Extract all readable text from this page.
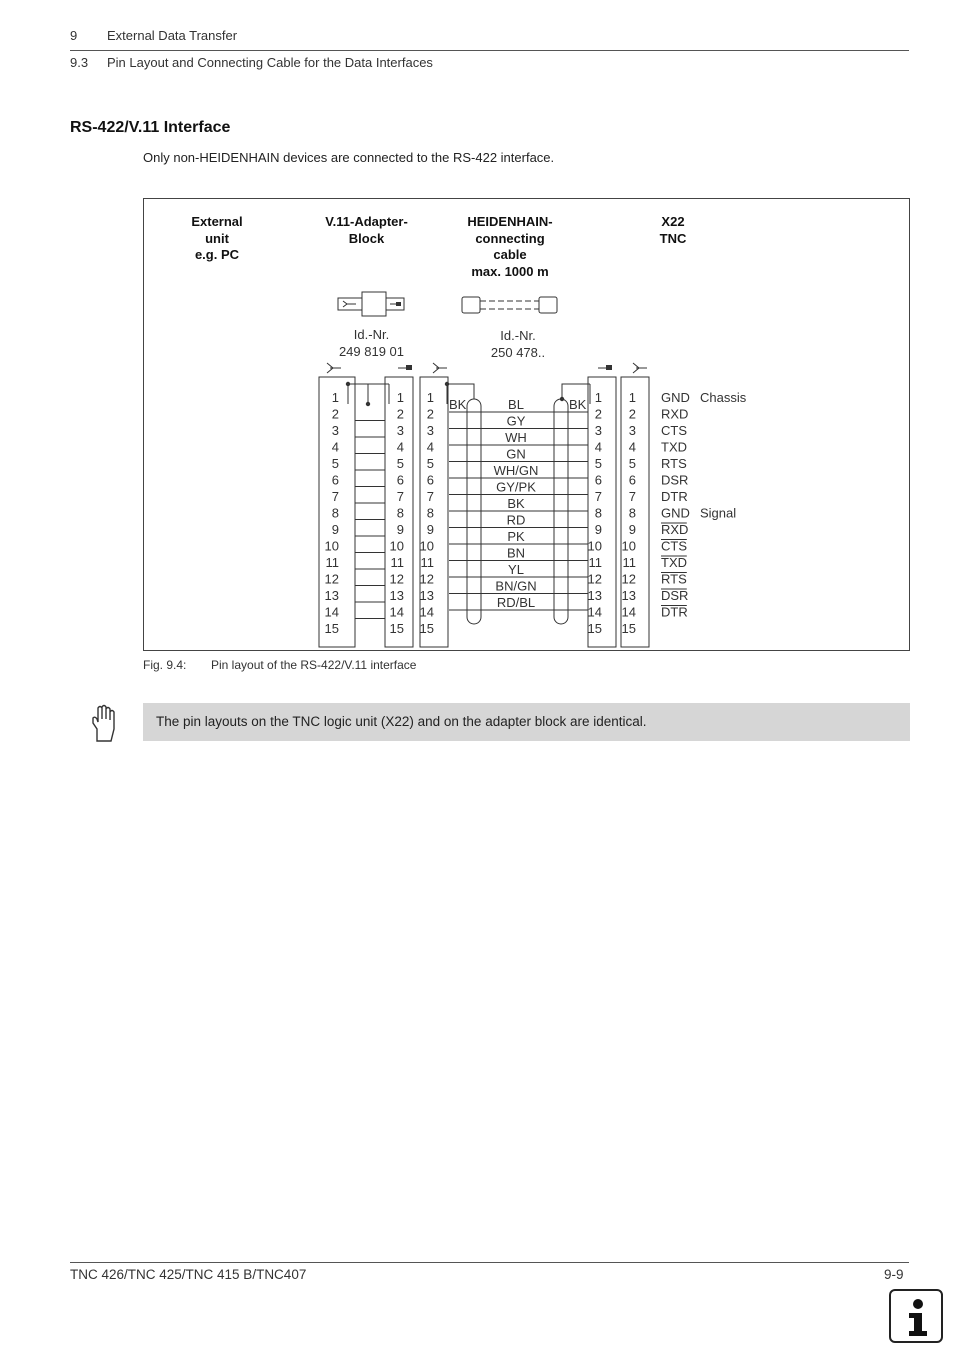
9 External Data Transfer
9.3 Pin Layout and Connecting Cable for the Data Interfaces
RS-422/V.11 Interface
Only non-HEIDENHAIN devices are connected to the RS-422 interface.
External
unit
e.g. PC
V.11-Adapter-
Block
HEIDENHAIN-
connecting
cable
max. 1000 m
X22
TNC
Id.-Nr.
249 819 01
Id.-Nr.
250 478..
1
2
3
4
5
6
7
8
9
10
11
12
13
14
15
1
2
3
4
5
6
7
8
9
10
11
12
13
14
15
1
2
3
4
5
6
7
8
9
10
11
12
13
14
15
1
2
3
4
5
6
7
8
9
10
11
12
13
14
15
1
2
3
4
5
6
7
8
9
10
11
12
13
14
15
BK	BK
BL
GY
WH
GN
WH/GN
GY/PK
BK
RD
PK
BN
YL
BN/GN
RD/BL
GND
RXD
CTS
TXD
RTS
DSR
DTR
GND
RXD
CTS
TXD
RTS
DSR
DTR
Chassis
Signal
Fig. 9.4: Pin layout of the RS-422/V.11 interface
The pin layouts on the TNC logic unit (X22) and on the adapter block are identical.
TNC 426/TNC 425/TNC 415 B/TNC407	9-9
